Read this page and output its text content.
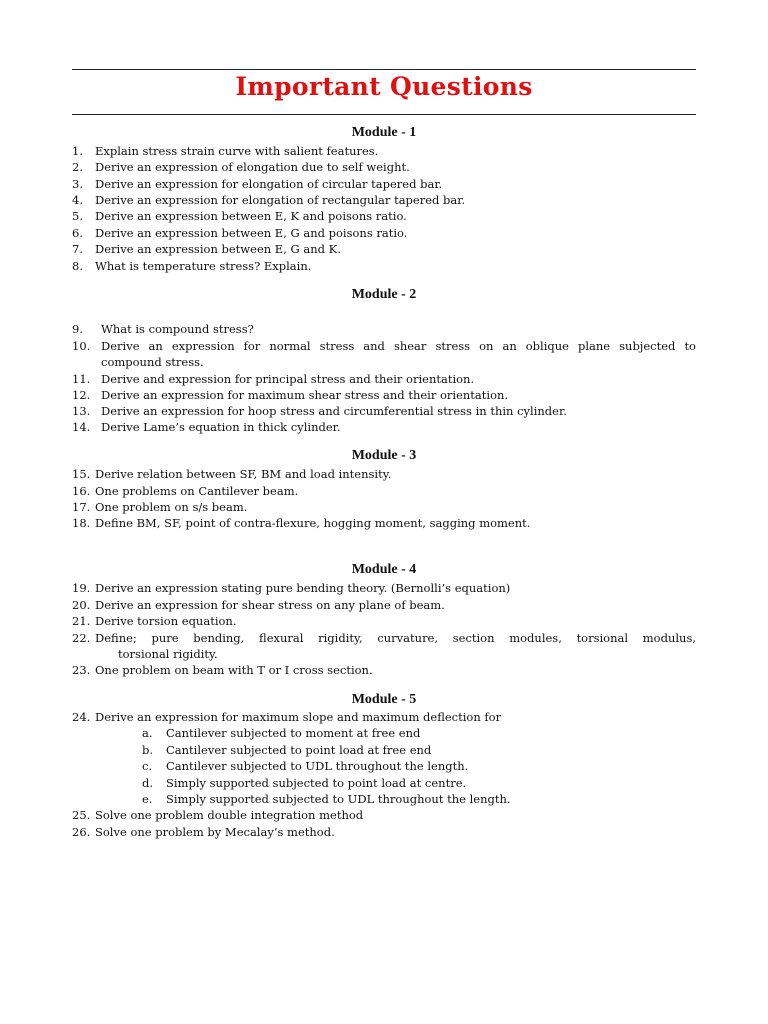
Important Questions
Module - 1
1. Explain stress strain curve with salient features.
2. Derive an expression of elongation due to self weight.
3. Derive an expression for elongation of circular tapered bar.
4. Derive an expression for elongation of rectangular tapered bar.
5. Derive an expression between E, K and poisons ratio.
6. Derive an expression between E, G and poisons ratio.
7. Derive an expression between E, G and K.
8. What is temperature stress? Explain.
Module - 2
9. What is compound stress?
10. Derive an expression for normal stress and shear stress on an oblique plane subjected to
compound stress.
11. Derive and expression for principal stress and their orientation.
12. Derive an expression for maximum shear stress and their orientation.
13. Derive an expression for hoop stress and circumferential stress in thin cylinder.
14. Derive Lame’s equation in thick cylinder.
Module - 3
15. Derive relation between SF, BM and load intensity.
16. One problems on Cantilever beam.
17. One problem on s/s beam.
18. Define BM, SF, point of contra-flexure, hogging moment, sagging moment.
Module - 4
19. Derive an expression stating pure bending theory. (Bernolli’s equation)
20. Derive an expression for shear stress on any plane of beam.
21. Derive torsion equation.
22. Define; pure bending, flexural rigidity, curvature, section modules, torsional modulus,
torsional rigidity.
23. One problem on beam with T or I cross section.
Module - 5
24. Derive an expression for maximum slope and maximum deflection for
a. Cantilever subjected to moment at free end
b. Cantilever subjected to point load at free end
c. Cantilever subjected to UDL throughout the length.
d. Simply supported subjected to point load at centre.
e. Simply supported subjected to UDL throughout the length.
25. Solve one problem double integration method
26. Solve one problem by Mecalay’s method.
